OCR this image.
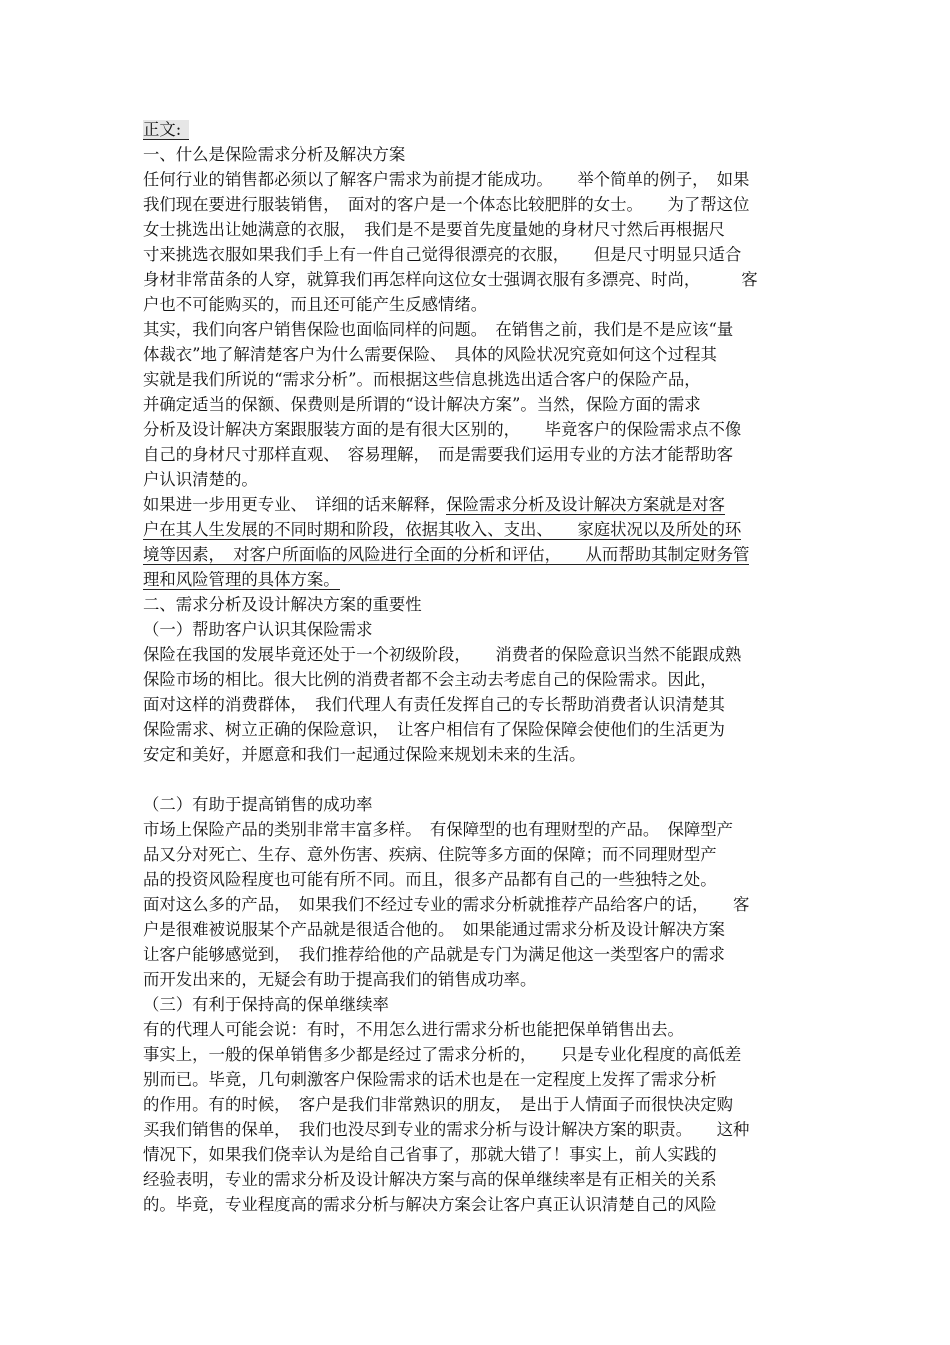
正文:
一、什么是保险需求分析及解决方案
任何行业的销售都必须以了解客户需求为前提才能成功。　　举个简单的例子，　如果
我们现在要进行服装销售，　面对的客户是一个体态比较肥胖的女士。　　为了帮这位
女士挑选出让她满意的衣服，　我们是不是要首先度量她的身材尺寸然后再根据尺
寸来挑选衣服如果我们手上有一件自己觉得很漂亮的衣服，　　但是尺寸明显只适合
身材非常苗条的人穿，就算我们再怎样向这位女士强调衣服有多漂亮、时尚，　　　客
户也不可能购买的，而且还可能产生反感情绪。
其实，我们向客户销售保险也面临同样的问题。　在销售之前，我们是不是应该“量
体裁衣”地了解清楚客户为什么需要保险、　具体的风险状况究竟如何这个过程其
实就是我们所说的“需求分析”。而根据这些信息挑选出适合客户的保险产品，
并确定适当的保额、保费则是所谓的“设计解决方案”。当然，保险方面的需求
分析及设计解决方案跟服装方面的是有很大区别的，　　毕竟客户的保险需求点不像
自己的身材尺寸那样直观、　容易理解，　而是需要我们运用专业的方法才能帮助客
户认识清楚的。
如果进一步用更专业、　详细的话来解释，保险需求分析及设计解决方案就是对客
户在其人生发展的不同时期和阶段，依据其收入、支出、　　家庭状况以及所处的环
境等因素，　对客户所面临的风险进行全面的分析和评估，　　从而帮助其制定财务管
理和风险管理的具体方案。
二、需求分析及设计解决方案的重要性
（一）帮助客户认识其保险需求
保险在我国的发展毕竟还处于一个初级阶段，　　消费者的保险意识当然不能跟成熟
保险市场的相比。很大比例的消费者都不会主动去考虑自己的保险需求。因此，
面对这样的消费群体，　我们代理人有责任发挥自己的专长帮助消费者认识清楚其
保险需求、树立正确的保险意识，　让客户相信有了保险保障会使他们的生活更为
安定和美好，并愿意和我们一起通过保险来规划未来的生活。
（二）有助于提高销售的成功率
市场上保险产品的类别非常丰富多样。　有保障型的也有理财型的产品。　保障型产
品又分对死亡、生存、意外伤害、疾病、住院等多方面的保障；而不同理财型产
品的投资风险程度也可能有所不同。而且，很多产品都有自己的一些独特之处。
面对这么多的产品，　如果我们不经过专业的需求分析就推荐产品给客户的话，　　客
户是很难被说服某个产品就是很适合他的。　如果能通过需求分析及设计解决方案
让客户能够感觉到，　我们推荐给他的产品就是专门为满足他这一类型客户的需求
而开发出来的，无疑会有助于提高我们的销售成功率。
（三）有利于保持高的保单继续率
有的代理人可能会说：有时，不用怎么进行需求分析也能把保单销售出去。
事实上，一般的保单销售多少都是经过了需求分析的，　　只是专业化程度的高低差
别而已。毕竟，几句刺激客户保险需求的话术也是在一定程度上发挥了需求分析
的作用。有的时候，　客户是我们非常熟识的朋友，　是出于人情面子而很快决定购
买我们销售的保单，　我们也没尽到专业的需求分析与设计解决方案的职责。　　这种
情况下，如果我们侥幸认为是给自己省事了，那就大错了！事实上，前人实践的
经验表明，专业的需求分析及设计解决方案与高的保单继续率是有正相关的关系
的。毕竟，专业程度高的需求分析与解决方案会让客户真正认识清楚自己的风险
